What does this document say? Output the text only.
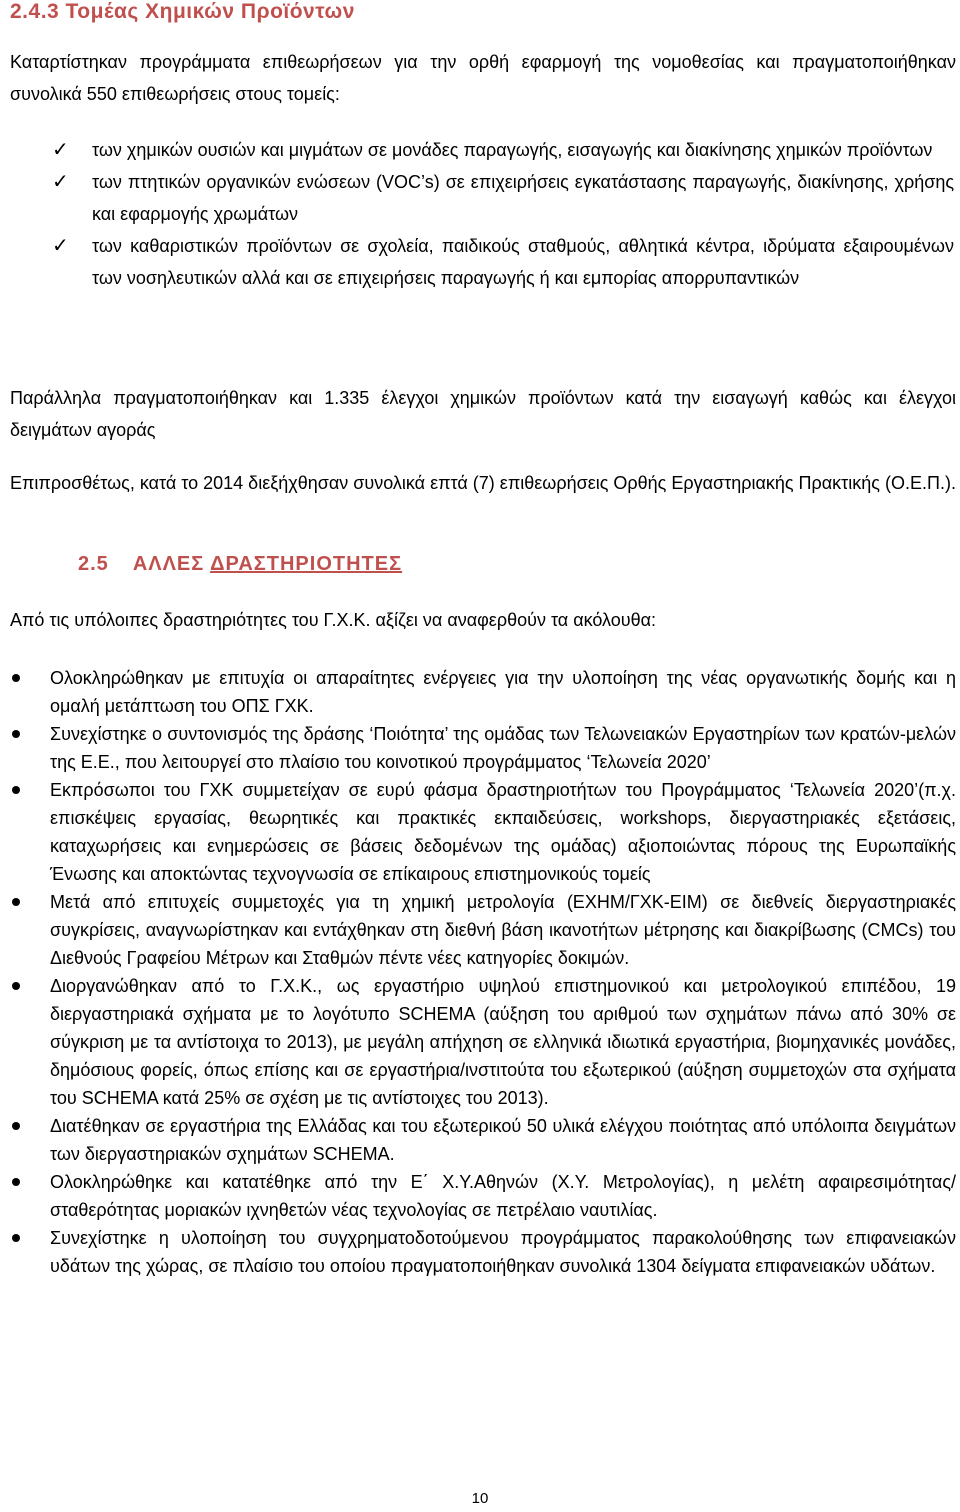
2.4.3 Τομέας Χημικών Προϊόντων
Καταρτίστηκαν προγράμματα επιθεωρήσεων για την ορθή εφαρμογή της νομοθεσίας και πραγματοποιήθηκαν συνολικά 550 επιθεωρήσεις στους τομείς:
✓ των χημικών ουσιών και μιγμάτων σε μονάδες παραγωγής, εισαγωγής και διακίνησης χημικών προϊόντων
✓ των πτητικών οργανικών ενώσεων (VOC’s) σε επιχειρήσεις εγκατάστασης παραγωγής, διακίνησης, χρήσης και εφαρμογής χρωμάτων
✓ των καθαριστικών προϊόντων σε σχολεία, παιδικούς σταθμούς, αθλητικά κέντρα, ιδρύματα εξαιρουμένων των νοσηλευτικών αλλά και σε επιχειρήσεις παραγωγής ή και εμπορίας απορρυπαντικών
Παράλληλα πραγματοποιήθηκαν και 1.335 έλεγχοι χημικών προϊόντων κατά την εισαγωγή καθώς και έλεγχοι δειγμάτων αγοράς
Επιπροσθέτως, κατά το 2014 διεξήχθησαν συνολικά επτά (7) επιθεωρήσεις Ορθής Εργαστηριακής Πρακτικής (Ο.Ε.Π.).
2.5 ΑΛΛΕΣ ΔΡΑΣΤΗΡΙΟΤΗΤΕΣ
Από τις υπόλοιπες δραστηριότητες του Γ.Χ.Κ. αξίζει να αναφερθούν τα ακόλουθα:
Ολοκληρώθηκαν με επιτυχία οι απαραίτητες ενέργειες για την υλοποίηση της νέας οργανωτικής δομής και η ομαλή μετάπτωση του ΟΠΣ ΓΧΚ.
Συνεχίστηκε ο συντονισμός της δράσης ‘Ποιότητα’ της ομάδας των Τελωνειακών Εργαστηρίων των κρατών-μελών της Ε.Ε., που λειτουργεί στο πλαίσιο του κοινοτικού προγράμματος ‘Τελωνεία 2020’
Εκπρόσωποι του ΓΧΚ συμμετείχαν σε ευρύ φάσμα δραστηριοτήτων του Προγράμματος ‘Τελωνεία 2020’(π.χ. επισκέψεις εργασίας, θεωρητικές και πρακτικές εκπαιδεύσεις, workshops, διεργαστηριακές εξετάσεις, καταχωρήσεις και ενημερώσεις σε βάσεις δεδομένων της ομάδας) αξιοποιώντας πόρους της Ευρωπαϊκής Ένωσης και αποκτώντας τεχνογνωσία σε επίκαιρους επιστημονικούς τομείς
Μετά από επιτυχείς συμμετοχές για τη χημική μετρολογία (ΕΧΗΜ/ΓΧΚ-ΕΙΜ) σε διεθνείς διεργαστηριακές συγκρίσεις, αναγνωρίστηκαν και εντάχθηκαν στη διεθνή βάση ικανοτήτων μέτρησης και διακρίβωσης (CMCs) του Διεθνούς Γραφείου Μέτρων και Σταθμών πέντε νέες κατηγορίες δοκιμών.
Διοργανώθηκαν από το Γ.Χ.Κ., ως εργαστήριο υψηλού επιστημονικού και μετρολογικού επιπέδου, 19 διεργαστηριακά σχήματα με το λογότυπο SCHEMA (αύξηση του αριθμού των σχημάτων πάνω από 30% σε σύγκριση με τα αντίστοιχα το 2013), με μεγάλη απήχηση σε ελληνικά ιδιωτικά εργαστήρια, βιομηχανικές μονάδες, δημόσιους φορείς, όπως επίσης και σε εργαστήρια/ινστιτούτα του εξωτερικού (αύξηση συμμετοχών στα σχήματα του SCHEMA κατά 25% σε σχέση με τις αντίστοιχες του 2013).
Διατέθηκαν σε εργαστήρια της Ελλάδας και του εξωτερικού 50 υλικά ελέγχου ποιότητας από υπόλοιπα δειγμάτων των διεργαστηριακών σχημάτων SCHEMA.
Ολοκληρώθηκε και κατατέθηκε από την Ε΄ Χ.Υ.Αθηνών (Χ.Υ. Μετρολογίας), η μελέτη αφαιρεσιμότητας/σταθερότητας μοριακών ιχνηθετών νέας τεχνολογίας σε πετρέλαιο ναυτιλίας.
Συνεχίστηκε η υλοποίηση του συγχρηματοδοτούμενου προγράμματος παρακολούθησης των επιφανειακών υδάτων της χώρας, σε πλαίσιο του οποίου πραγματοποιήθηκαν συνολικά 1304 δείγματα επιφανειακών υδάτων.
10
